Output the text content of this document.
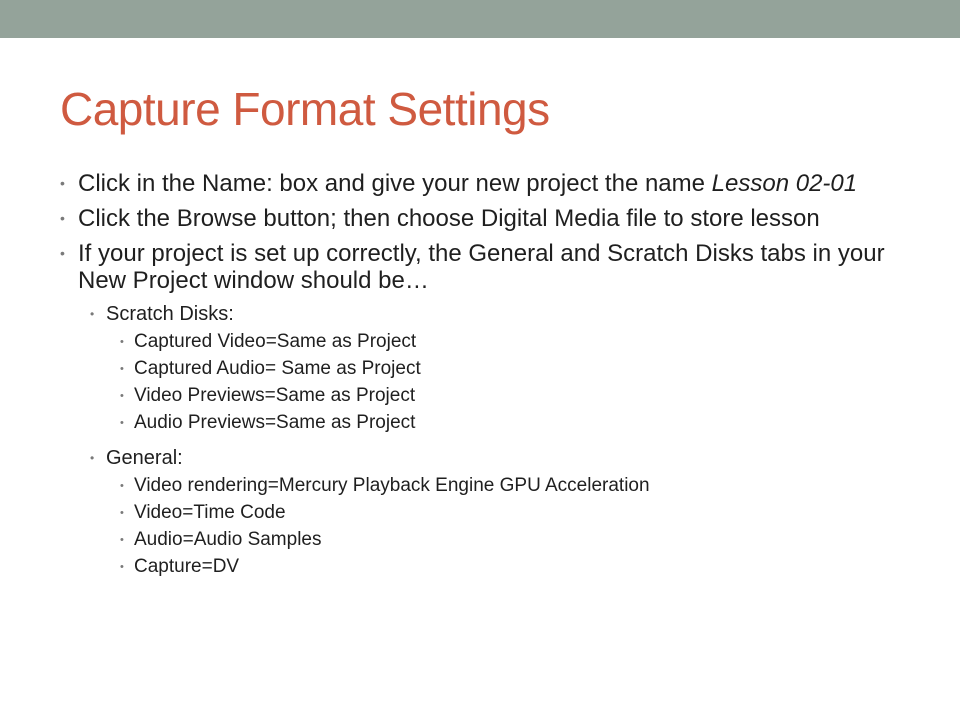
Capture Format Settings
• Click in the Name: box and give your new project the name Lesson 02-01
• Click the Browse button; then choose Digital Media file to store lesson
• If your project is set up correctly, the General and Scratch Disks tabs in your New Project window should be…
• Scratch Disks:
• Captured Video=Same as Project
• Captured Audio= Same as Project
• Video Previews=Same as Project
• Audio Previews=Same as Project
• General:
• Video rendering=Mercury Playback Engine GPU Acceleration
• Video=Time Code
• Audio=Audio Samples
• Capture=DV
